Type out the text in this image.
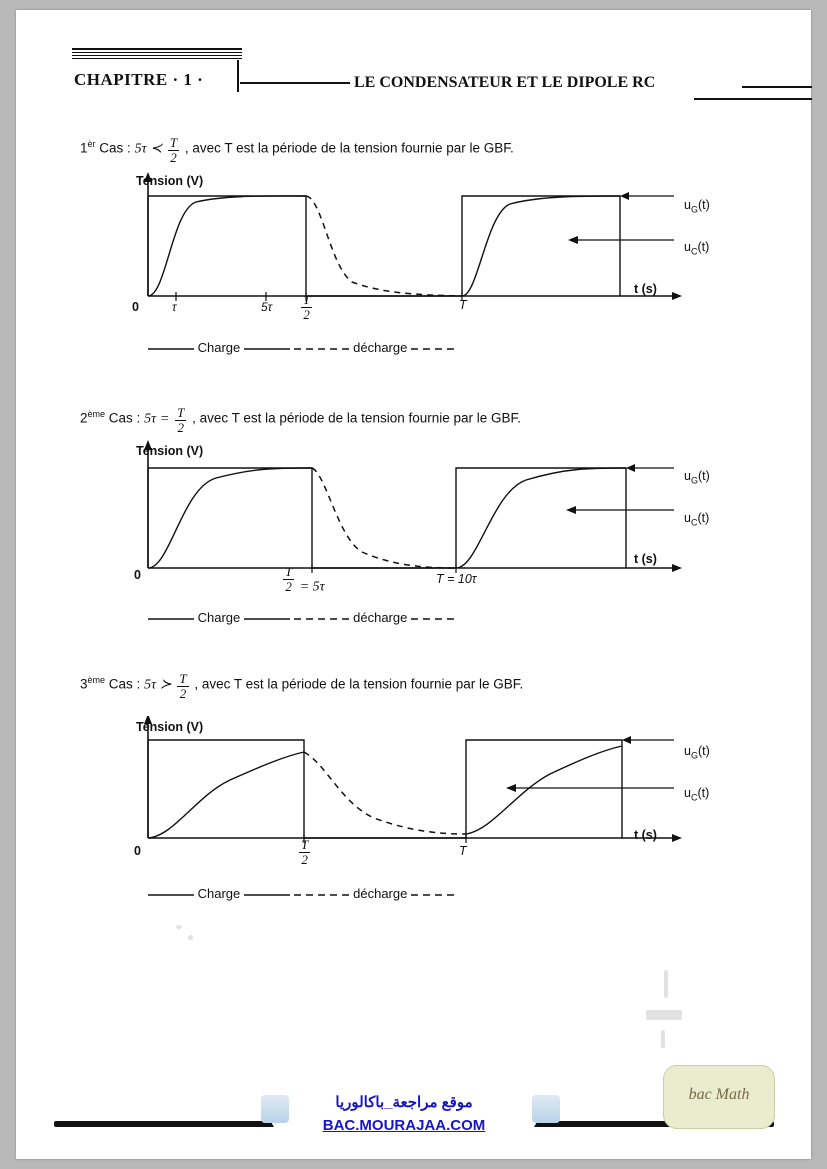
CHAPITRE · 1 ·	LE CONDENSATEUR ET LE DIPOLE RC
$1^{èr}$ Cas : 5τ ≺ $\frac{T}{2}$ , avec T est la période de la tension fournie par le GBF.
Tension (V)
t (s)
0	τ	$5\tau \frac{T}{2}$	T
$u_G(t)$
$u_C(t)$
Charge	décharge
2ème Cas : $5\tau = \frac{T}{2}$ , avec T est la période de la tension fournie par le GBF.
Tension (V)
t (s)
0	$\frac{T}{2} = 5\tau$
T = 10τ
$u_G(t)$
$u_C(t)$
Charge	décharge
3ème Cas : 5τ ≻ $\frac{T}{2}$ , avec T est la période de la tension fournie par le GBF.
Tension (V)
t (s)
0	$\frac{T}{2}$	T
$u_G(t)$
$u_C(t)$
Charge	décharge
موقع مراجعة_باكالوريا
BAC.MOURAJAA.COM
bac Math
